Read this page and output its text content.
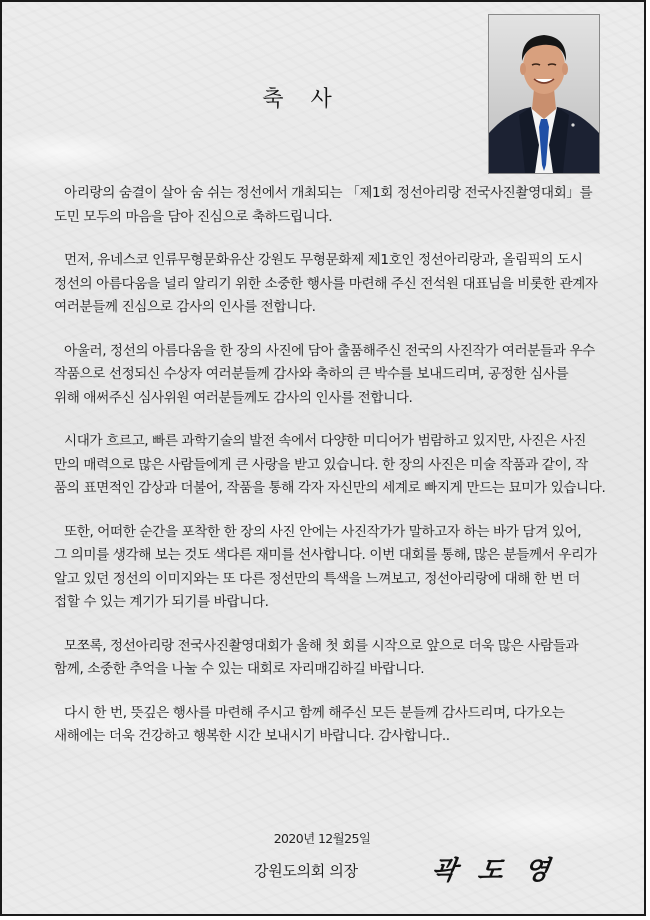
축 사

아리랑의 숨결이 살아 숨 쉬는 정선에서 개최되는 「제1회 정선아리랑 전국사진촬영대회」를
도민 모두의 마음을 담아 진심으로 축하드립니다.

먼저, 유네스코 인류무형문화유산 강원도 무형문화제 제1호인 정선아리랑과, 올림픽의 도시
정선의 아름다움을 널리 알리기 위한 소중한 행사를 마련해 주신 전석원 대표님을 비롯한 관계자
여러분들께 진심으로 감사의 인사를 전합니다.

아울러, 정선의 아름다움을 한 장의 사진에 담아 출품해주신 전국의 사진작가 여러분들과 우수
작품으로 선정되신 수상자 여러분들께 감사와 축하의 큰 박수를 보내드리며, 공정한 심사를
위해 애써주신 심사위원 여러분들께도 감사의 인사를 전합니다.

시대가 흐르고, 빠른 과학기술의 발전 속에서 다양한 미디어가 범람하고 있지만, 사진은 사진
만의 매력으로 많은 사람들에게 큰 사랑을 받고 있습니다. 한 장의 사진은 미술 작품과 같이, 작
품의 표면적인 감상과 더불어, 작품을 통해 각자 자신만의 세계로 빠지게 만드는 묘미가 있습니다.

또한, 어떠한 순간을 포착한 한 장의 사진 안에는 사진작가가 말하고자 하는 바가 담겨 있어,
그 의미를 생각해 보는 것도 색다른 재미를 선사합니다. 이번 대회를 통해, 많은 분들께서 우리가
알고 있던 정선의 이미지와는 또 다른 정선만의 특색을 느껴보고, 정선아리랑에 대해 한 번 더
접할 수 있는 계기가 되기를 바랍니다.

모쪼록, 정선아리랑 전국사진촬영대회가 올해 첫 회를 시작으로 앞으로 더욱 많은 사람들과
함께, 소중한 추억을 나눌 수 있는 대회로 자리매김하길 바랍니다.

다시 한 번, 뜻깊은 행사를 마련해 주시고 함께 해주신 모든 분들께 감사드리며, 다가오는
새해에는 더욱 건강하고 행복한 시간 보내시기 바랍니다. 감사합니다..

2020년 12월25일
강원도의회 의장	곽 도 영
